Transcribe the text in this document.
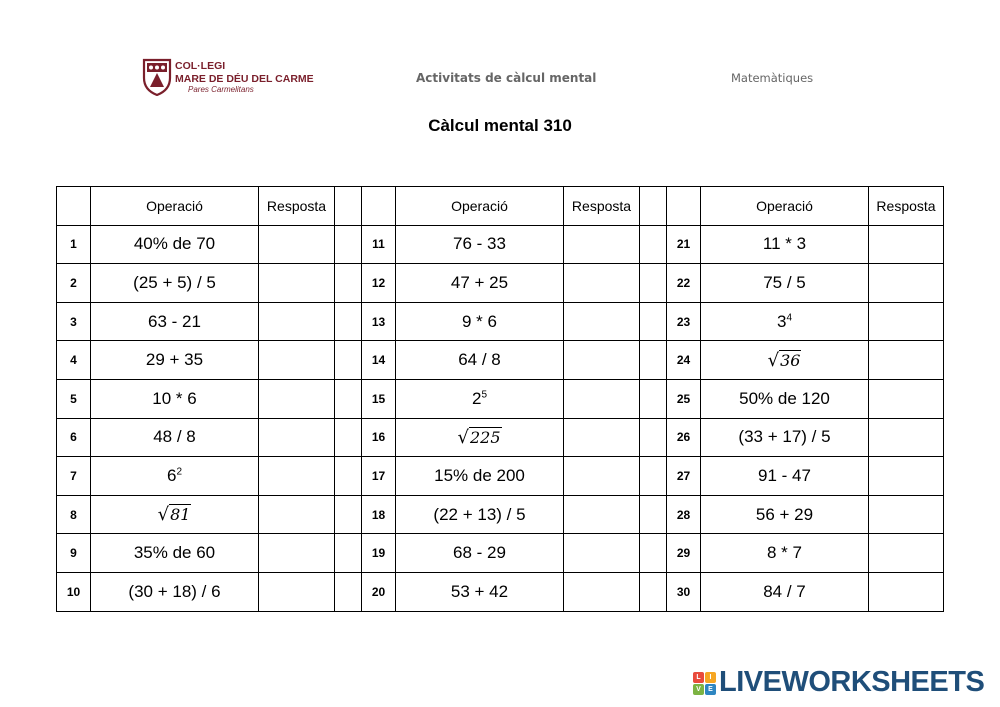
COL·LEGI
MARE DE DÉU DEL CARME
Pares Carmelitans
Activitats de càlcul mental	Matemàtiques
Càlcul mental 310
	Operació	Resposta			Operació	Resposta			Operació	Resposta
1	40% de 70			11	76 - 33			21	11 * 3	
2	(25 + 5) / 5			12	47 + 25			22	75 / 5	
3	63 - 21			13	9 * 6			23	$3^4$	
4	29 + 35			14	64 / 8			24	√36	
5	10 * 6			15	$2^5$			25	50% de 120	
6	48 / 8			16	√225			26	(33 + 17) / 5	
7	$6^2$			17	15% de 200			27	91 - 47	
8	√81			18	(22 + 13) / 5			28	56 + 29	
9	35% de 60			19	68 - 29			29	8 * 7	
10	(30 + 18) / 6			20	53 + 42			30	84 / 7	
L	I
V	E LIVEWORKSHEETS
